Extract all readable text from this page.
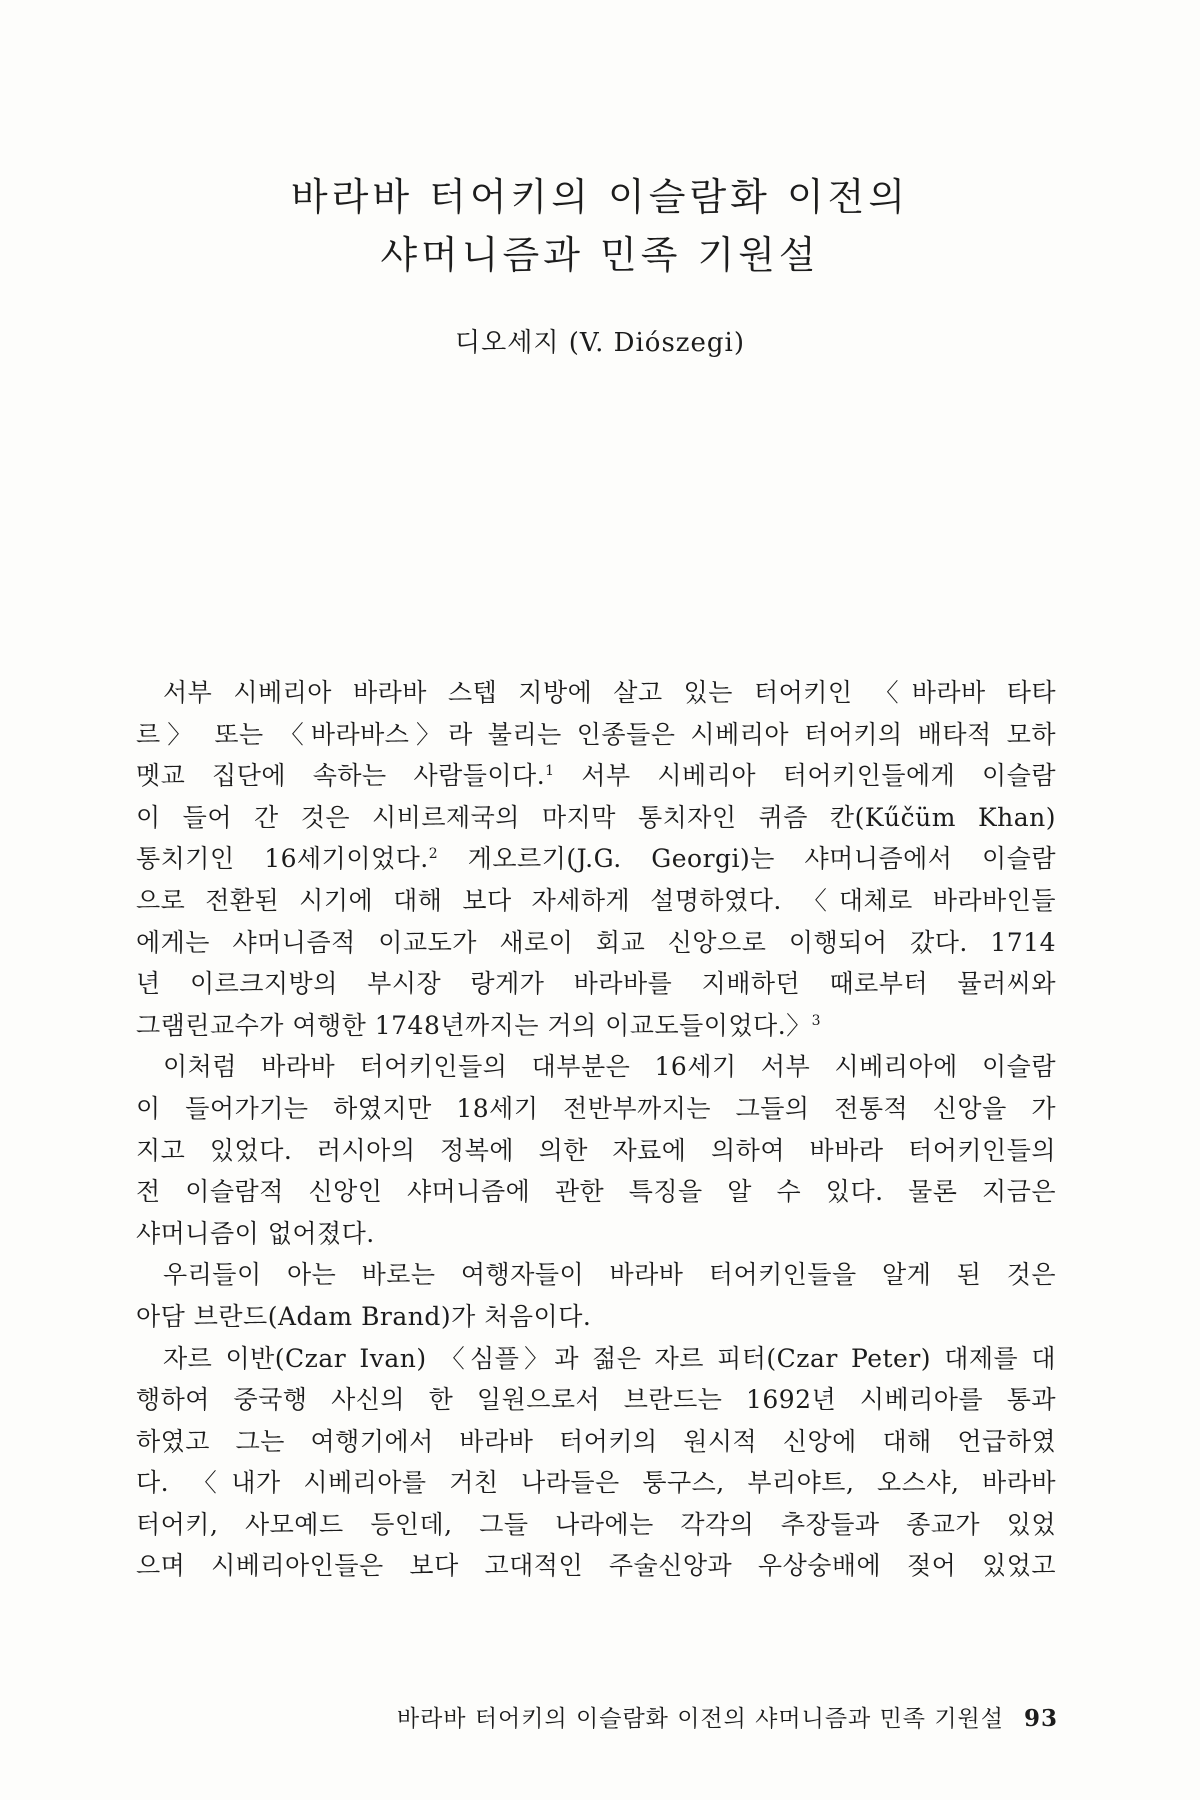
바라바 터어키의 이슬람화 이전의
샤머니즘과 민족 기원설
디오세지 (V. Diószegi)
서부 시베리아 바라바 스텝 지방에 살고 있는 터어키인 〈바라바 타타
르〉 또는 〈바라바스〉라 불리는 인종들은 시베리아 터어키의 배타적 모하
멧교 집단에 속하는 사람들이다.$^1$ 서부 시베리아 터어키인들에게 이슬람
이 들어 간 것은 시비르제국의 마지막 통치자인 퀴즘 칸(Kűčüm Khan)
통치기인 16세기이었다.$^2$ 게오르기(J.G. Georgi)는 샤머니즘에서 이슬람
으로 전환된 시기에 대해 보다 자세하게 설명하였다. 〈대체로 바라바인들
에게는 샤머니즘적 이교도가 새로이 회교 신앙으로 이행되어 갔다. 1714
년 이르크지방의 부시장 랑게가 바라바를 지배하던 때로부터 뮬러씨와
그램린교수가 여행한 1748년까지는 거의 이교도들이었다.〉$^3$
이처럼 바라바 터어키인들의 대부분은 16세기 서부 시베리아에 이슬람
이 들어가기는 하였지만 18세기 전반부까지는 그들의 전통적 신앙을 가
지고 있었다. 러시아의 정복에 의한 자료에 의하여 바바라 터어키인들의
전 이슬람적 신앙인 샤머니즘에 관한 특징을 알 수 있다. 물론 지금은
샤머니즘이 없어졌다.
우리들이 아는 바로는 여행자들이 바라바 터어키인들을 알게 된 것은
아담 브란드(Adam Brand)가 처음이다.
자르 이반(Czar Ivan) 〈심플〉과 젊은 자르 피터(Czar Peter) 대제를 대
행하여 중국행 사신의 한 일원으로서 브란드는 1692년 시베리아를 통과
하였고 그는 여행기에서 바라바 터어키의 원시적 신앙에 대해 언급하였
다. 〈내가 시베리아를 거친 나라들은 퉁구스, 부리야트, 오스샤, 바라바
터어키, 사모예드 등인데, 그들 나라에는 각각의 추장들과 종교가 있었
으며 시베리아인들은 보다 고대적인 주술신앙과 우상숭배에 젖어 있었고
바라바 터어키의 이슬람화 이전의 샤머니즘과 민족 기원설 93
